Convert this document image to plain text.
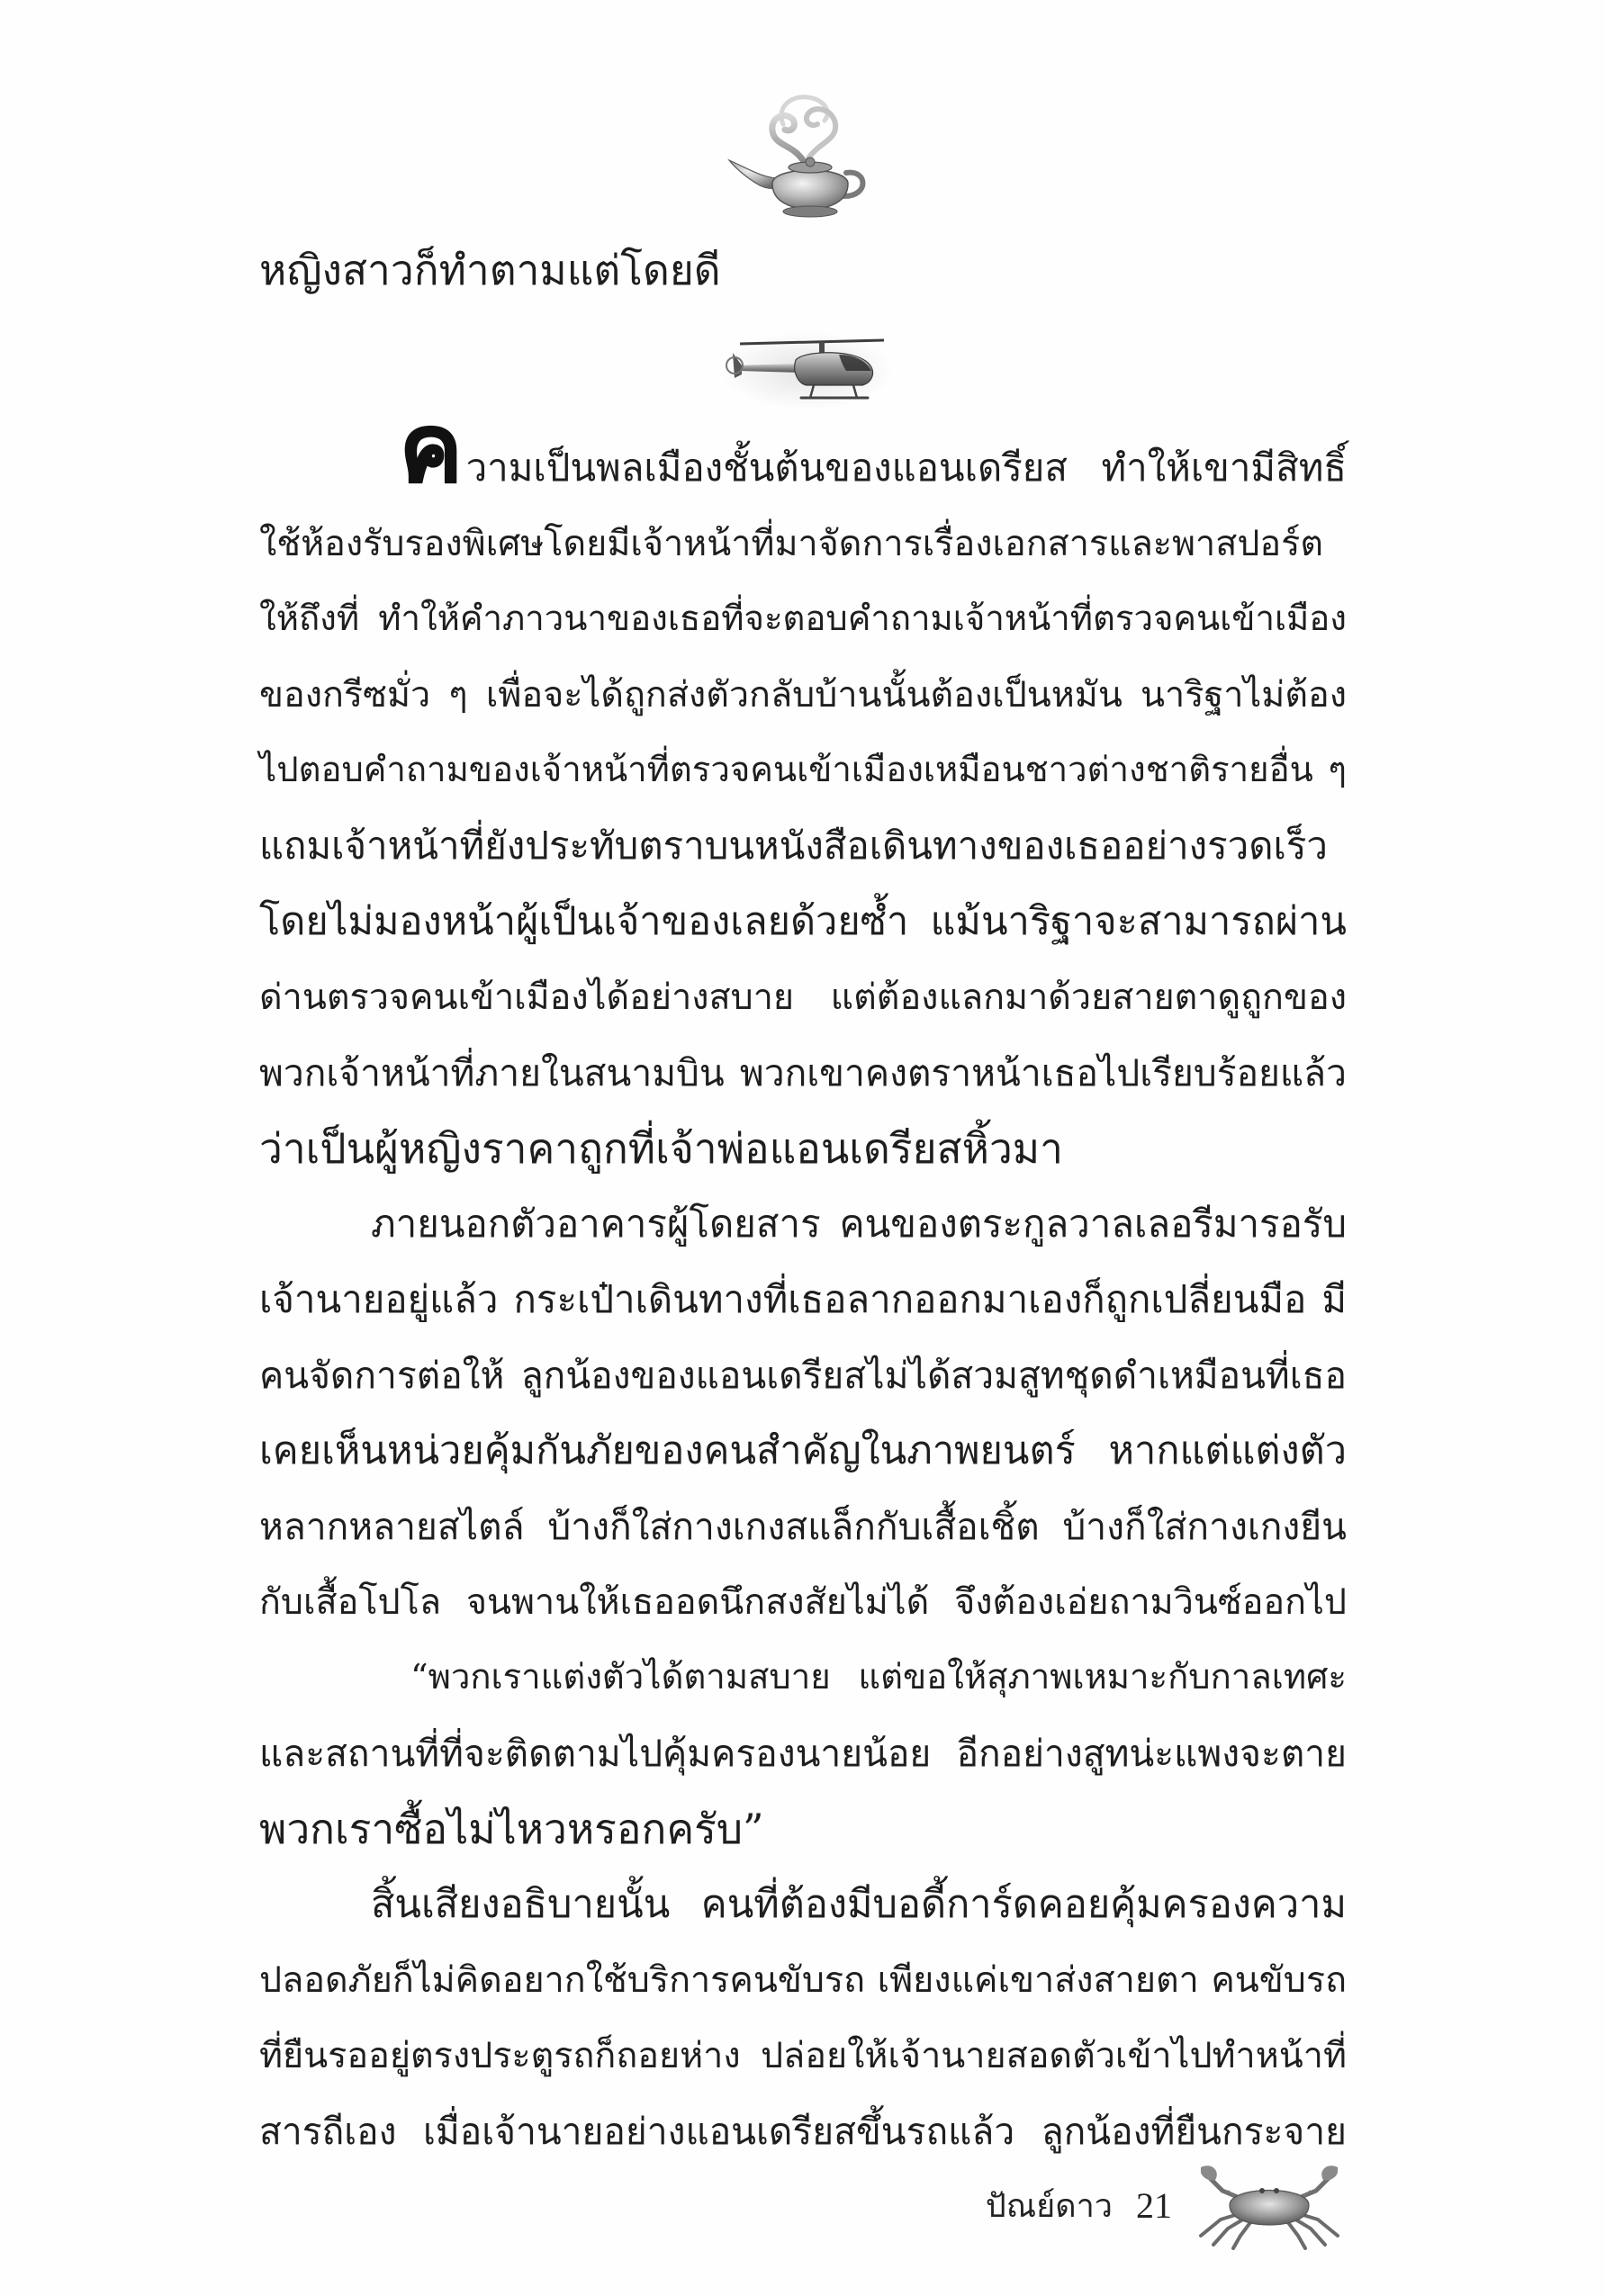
หญิงสาวก็ทำตามแต่โดยดี
ความเป็นพลเมืองชั้นต้นของแอนเดรียส ทำให้เขามีสิทธิ์
ใช้ห้องรับรองพิเศษโดยมีเจ้าหน้าที่มาจัดการเรื่องเอกสารและพาสปอร์ต
ให้ถึงที่ ทำให้คำภาวนาของเธอที่จะตอบคำถามเจ้าหน้าที่ตรวจคนเข้าเมือง
ของกรีซมั่ว ๆ เพื่อจะได้ถูกส่งตัวกลับบ้านนั้นต้องเป็นหมัน นาริฐาไม่ต้อง
ไปตอบคำถามของเจ้าหน้าที่ตรวจคนเข้าเมืองเหมือนชาวต่างชาติรายอื่น ๆ
แถมเจ้าหน้าที่ยังประทับตราบนหนังสือเดินทางของเธออย่างรวดเร็ว
โดยไม่มองหน้าผู้เป็นเจ้าของเลยด้วยซ้ำ แม้นาริฐาจะสามารถผ่าน
ด่านตรวจคนเข้าเมืองได้อย่างสบาย แต่ต้องแลกมาด้วยสายตาดูถูกของ
พวกเจ้าหน้าที่ภายในสนามบิน พวกเขาคงตราหน้าเธอไปเรียบร้อยแล้ว
ว่าเป็นผู้หญิงราคาถูกที่เจ้าพ่อแอนเดรียสหิ้วมา
ภายนอกตัวอาคารผู้โดยสาร คนของตระกูลวาลเลอรีมารอรับ
เจ้านายอยู่แล้ว กระเป๋าเดินทางที่เธอลากออกมาเองก็ถูกเปลี่ยนมือ มี
คนจัดการต่อให้ ลูกน้องของแอนเดรียสไม่ได้สวมสูทชุดดำเหมือนที่เธอ
เคยเห็นหน่วยคุ้มกันภัยของคนสำคัญในภาพยนตร์ หากแต่แต่งตัว
หลากหลายสไตล์ บ้างก็ใส่กางเกงสแล็กกับเสื้อเชิ้ต บ้างก็ใส่กางเกงยีน
กับเสื้อโปโล จนพานให้เธออดนึกสงสัยไม่ได้ จึงต้องเอ่ยถามวินซ์ออกไป
“พวกเราแต่งตัวได้ตามสบาย แต่ขอให้สุภาพเหมาะกับกาลเทศะ
และสถานที่ที่จะติดตามไปคุ้มครองนายน้อย อีกอย่างสูทน่ะแพงจะตาย
พวกเราซื้อไม่ไหวหรอกครับ”
สิ้นเสียงอธิบายนั้น คนที่ต้องมีบอดี้การ์ดคอยคุ้มครองความ
ปลอดภัยก็ไม่คิดอยากใช้บริการคนขับรถ เพียงแค่เขาส่งสายตา คนขับรถ
ที่ยืนรออยู่ตรงประตูรถก็ถอยห่าง ปล่อยให้เจ้านายสอดตัวเข้าไปทำหน้าที่
สารถีเอง เมื่อเจ้านายอย่างแอนเดรียสขึ้นรถแล้ว ลูกน้องที่ยืนกระจาย
ปัณย์ดาว 21
